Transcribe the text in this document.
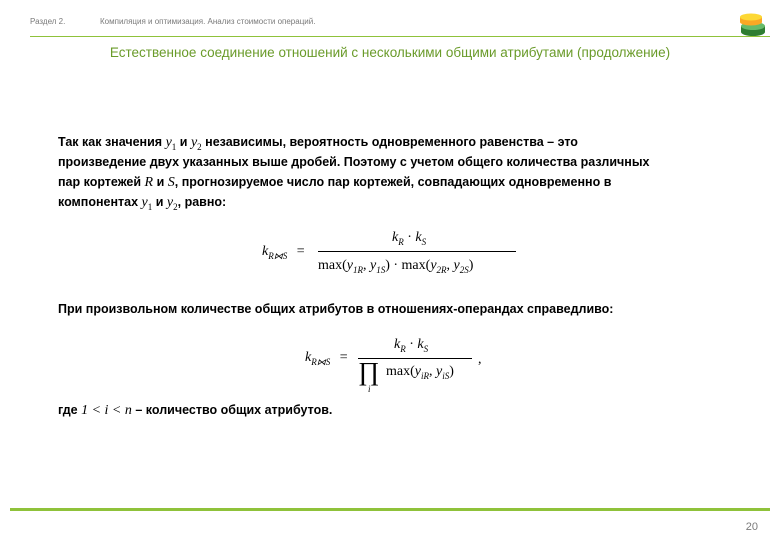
Раздел 2.	Компиляция и оптимизация. Анализ стоимости операций.
Естественное соединение отношений с несколькими общими атрибутами (продолжение)
Так как значения $y_1$ и $y_2$ независимы, вероятность одновременного равенства – это
произведение двух указанных выше дробей. Поэтому с учетом общего количества различных
пар кортежей R и S, прогнозируемое число пар кортежей, совпадающих одновременно в
компонентах $y_1$ и $y_2$, равно:
$k_{R⋈S}$ =
$k_R \cdot k_S$
$\max(y_{1R}$, $y_{1S}) \cdot \max(y_{2R}$, $y_{2S}$)
При произвольном количестве общих атрибутов в отношениях-операндах справедливо:
$k_{R⋈S}$ =
$k_R \cdot k_S$
∏
i
$\max(y_{iR}$, $y_{iS}$)
,
где 1 < i < n – количество общих атрибутов.
20
